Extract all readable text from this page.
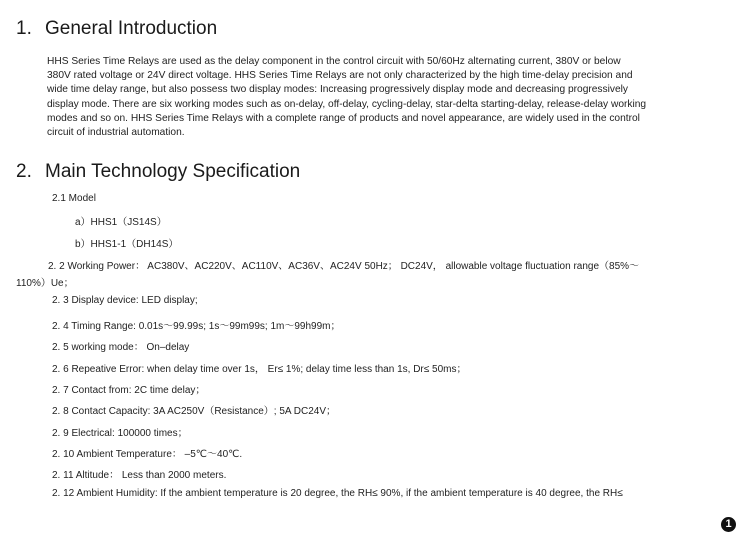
1. General Introduction
HHS Series Time Relays are used as the delay component in the control circuit with 50/60Hz alternating current, 380V or below
380V rated voltage or 24V direct voltage. HHS Series Time Relays are not only characterized by the high time-delay precision and
wide time delay range, but also possess two display modes: Increasing progressively display mode and decreasing progressively
display mode. There are six working modes such as on-delay, off-delay, cycling-delay, star-delta starting-delay, release-delay working
modes and so on. HHS Series Time Relays with a complete range of products and novel appearance, are widely used in the control
circuit of industrial automation.
2. Main Technology Specification
2.1 Model
a）HHS1（JS14S）
b）HHS1-1（DH14S）
2. 2 Working Power： AC380V、AC220V、AC110V、AC36V、AC24V 50Hz； DC24V， allowable voltage fluctuation range（85%～
110%）Ue；
2. 3 Display device: LED display;
2. 4 Timing Range: 0.01s～99.99s; 1s～99m99s; 1m～99h99m；
2. 5 working mode： On–delay
2. 6 Repeative Error: when delay time over 1s， Er≤ 1%; delay time less than 1s, Dr≤ 50ms；
2. 7 Contact from: 2C time delay；
2. 8 Contact Capacity: 3A AC250V（Resistance）; 5A DC24V；
2. 9 Electrical: 100000 times；
2. 10 Ambient Temperature： –5℃～40℃.
2. 11 Altitude： Less than 2000 meters.
2. 12 Ambient Humidity: If the ambient temperature is 20 degree, the RH≤ 90%, if the ambient temperature is 40 degree, the RH≤
1
